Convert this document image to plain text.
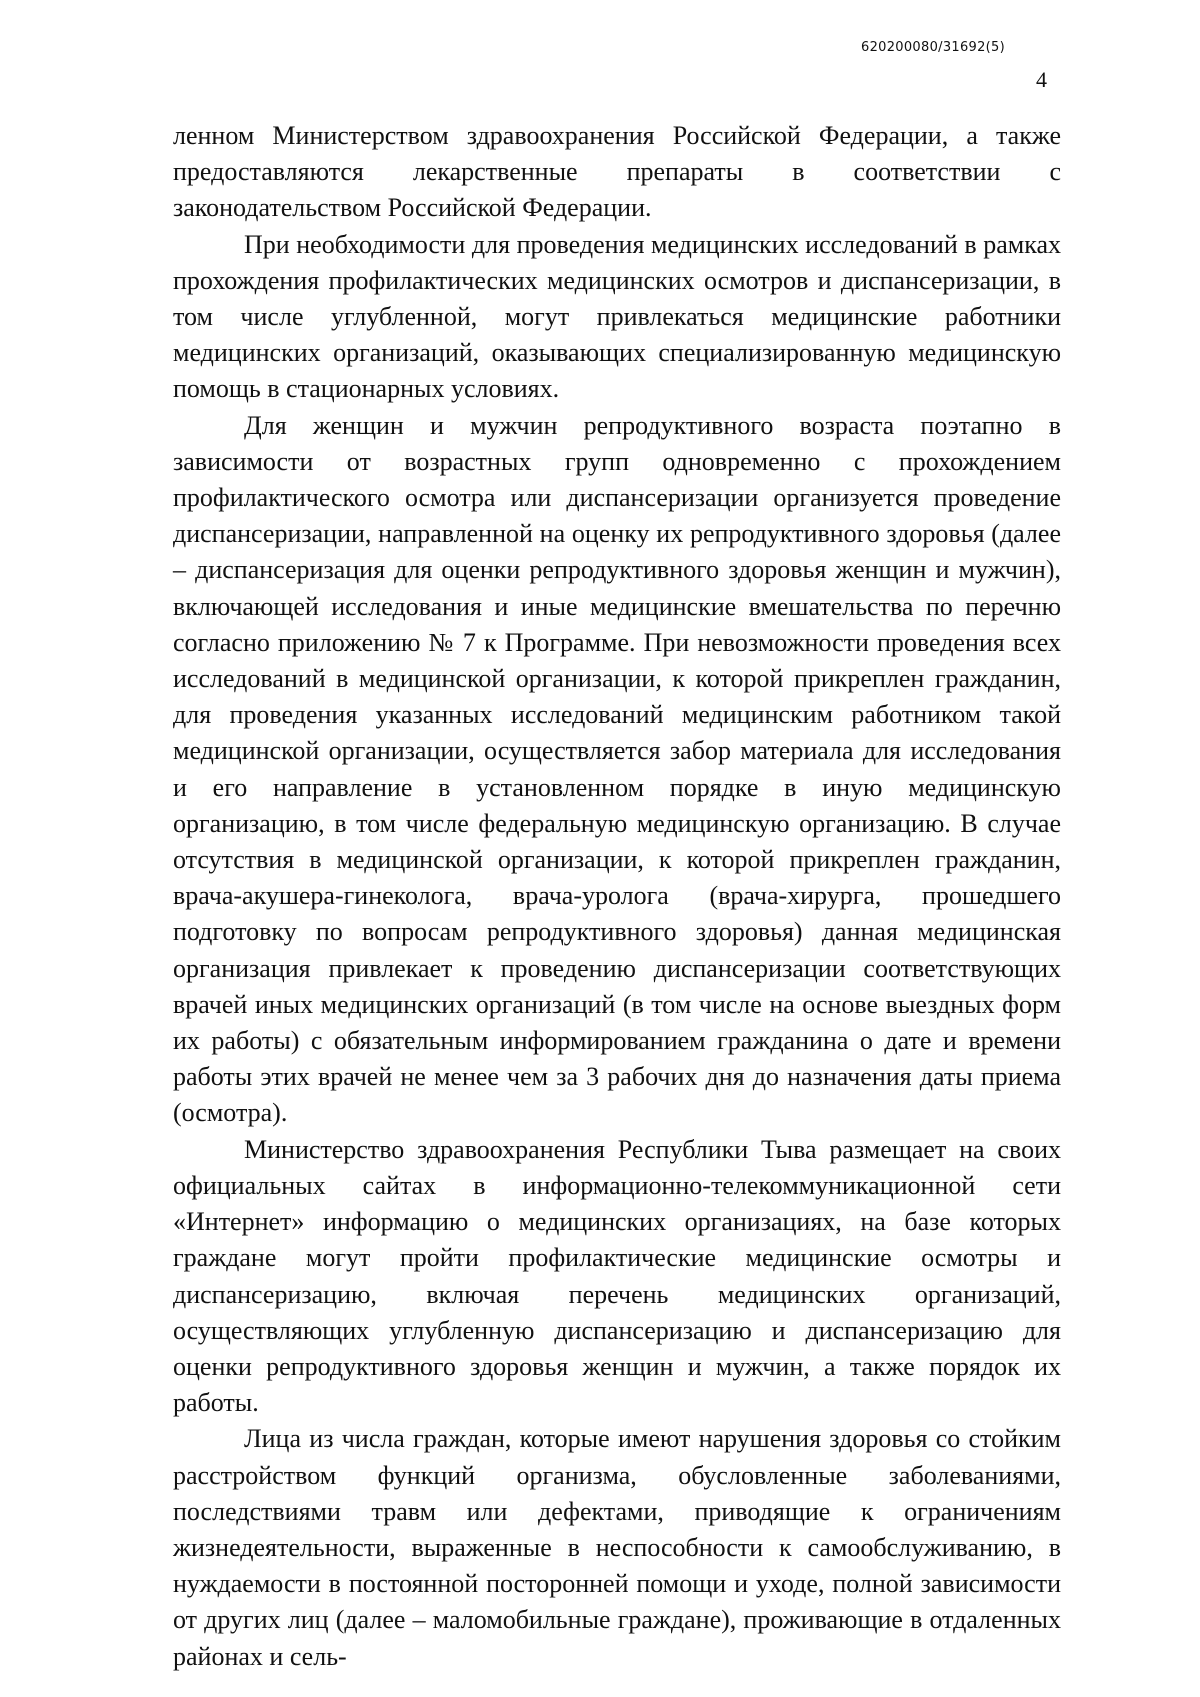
620200080/31692(5)
4

ленном Министерством здравоохранения Российской Федерации, а также предоставляются лекарственные препараты в соответствии с законодательством Российской Федерации.

При необходимости для проведения медицинских исследований в рамках прохождения профилактических медицинских осмотров и диспансеризации, в том числе углубленной, могут привлекаться медицинские работники медицинских организаций, оказывающих специализированную медицинскую помощь в стационарных условиях.

Для женщин и мужчин репродуктивного возраста поэтапно в зависимости от возрастных групп одновременно с прохождением профилактического осмотра или диспансеризации организуется проведение диспансеризации, направленной на оценку их репродуктивного здоровья (далее – диспансеризация для оценки репродуктивного здоровья женщин и мужчин), включающей исследования и иные медицинские вмешательства по перечню согласно приложению № 7 к Программе. При невозможности проведения всех исследований в медицинской организации, к которой прикреплен гражданин, для проведения указанных исследований медицинским работником такой медицинской организации, осуществляется забор материала для исследования и его направление в установленном порядке в иную медицинскую организацию, в том числе федеральную медицинскую организацию. В случае отсутствия в медицинской организации, к которой прикреплен гражданин, врача-акушера-гинеколога, врача-уролога (врача-хирурга, прошедшего подготовку по вопросам репродуктивного здоровья) данная медицинская организация привлекает к проведению диспансеризации соответствующих врачей иных медицинских организаций (в том числе на основе выездных форм их работы) с обязательным информированием гражданина о дате и времени работы этих врачей не менее чем за 3 рабочих дня до назначения даты приема (осмотра).

Министерство здравоохранения Республики Тыва размещает на своих официальных сайтах в информационно-телекоммуникационной сети «Интернет» информацию о медицинских организациях, на базе которых граждане могут пройти профилактические медицинские осмотры и диспансеризацию, включая перечень медицинских организаций, осуществляющих углубленную диспансеризацию и диспансеризацию для оценки репродуктивного здоровья женщин и мужчин, а также порядок их работы.

Лица из числа граждан, которые имеют нарушения здоровья со стойким расстройством функций организма, обусловленные заболеваниями, последствиями травм или дефектами, приводящие к ограничениям жизнедеятельности, выраженные в неспособности к самообслуживанию, в нуждаемости в постоянной посторонней помощи и уходе, полной зависимости от других лиц (далее – маломобильные граждане), проживающие в отдаленных районах и сель-
